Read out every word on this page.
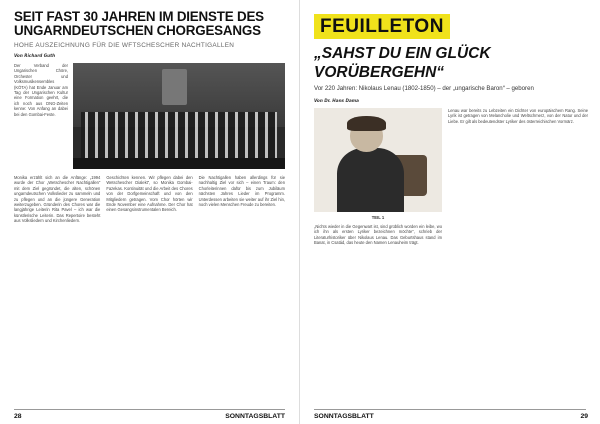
SEIT FAST 30 JAHREN IM DIENSTE DES
UNGARNDEUTSCHEN CHORGESANGS
HOHE AUSZEICHNUNG FÜR DIE WFTSCHESCHER NACHTIGALLEN
Von Richard Guth
Der Verband der Ungarischen Chöre, Orchester und Volksmusikensembles (KÓTA) hat Ende Januar am Tag der Ungarischen Kultur eine Formation geehrt, die ich noch aus DNG-Zeiten kenne: Von Anfang an dabei bei den Gombai-Feste.
Monika erzählt sich an die Anfänge: „1994 wurde der Chor „Wetschescher Nachtigallen“ mit dem Ziel gegründet, die alten, schönen ungarndeutschen Volkslieder zu sammeln und zu pflegen und an die jüngere Generation weiterzugeben. Gründerin des Chores war die langjährige Leiterin Rita Pavel – ich war die künstlerische Leiterin. Das Repertoire besteht aus Volksliedern und Kirchenliedern.
Geschichten kennen. Wir pflegen dabei den Wetschescher Dialekt“, so Monika Gombai-Fazekas. Kontinuität und die Arbeit des Chores von der Dorfgemeinschaft und von den Mitgliedern getragen. Vom Chor hörten wir Ende November eine Aufnahme. Der Chor hat einen Gesangsinstrumentalen Bereich.
Die Nachtigallen haben allerdings für sie nachhaltig Ziel vor sich – einen Traum: den Chorleiterinnen dafür bis zum Jubiläum nächsten Jahres Lieder im Programm. Unterdessen arbeiten sie weiter auf ihr Ziel hin, noch vielen Menschen Freude zu bereiten.
28	SONNTAGSBLATT
FEUILLETON
„SAHST DU EIN GLÜCK
VORÜBERGEHN“
Vor 220 Jahren: Nikolaus Lenau (1802-1850) – der „ungarische Baron“ – geboren
Von Dr. Hans Dama
TEIL 1
„Nichts wieder in die Gegenwart ist, sind grüblich worden ein leibe, wo ich ihn als ersten Lyriker bezeichnen möchte“, schrieb der Literaturhistoriker über Nikolaus Lenau. Das Geburtshaus stand im Banat, in Csatád, das heute den Namen Lenauheim trägt.
Lenau war bereits zu Lebzeiten ein Dichter von europäischem Rang. Seine Lyrik ist getragen von Melancholie und Weltschmerz, von der Natur und der Liebe. Er gilt als bedeutendster Lyriker des österreichischen Vormärz.
SONNTAGSBLATT	29
